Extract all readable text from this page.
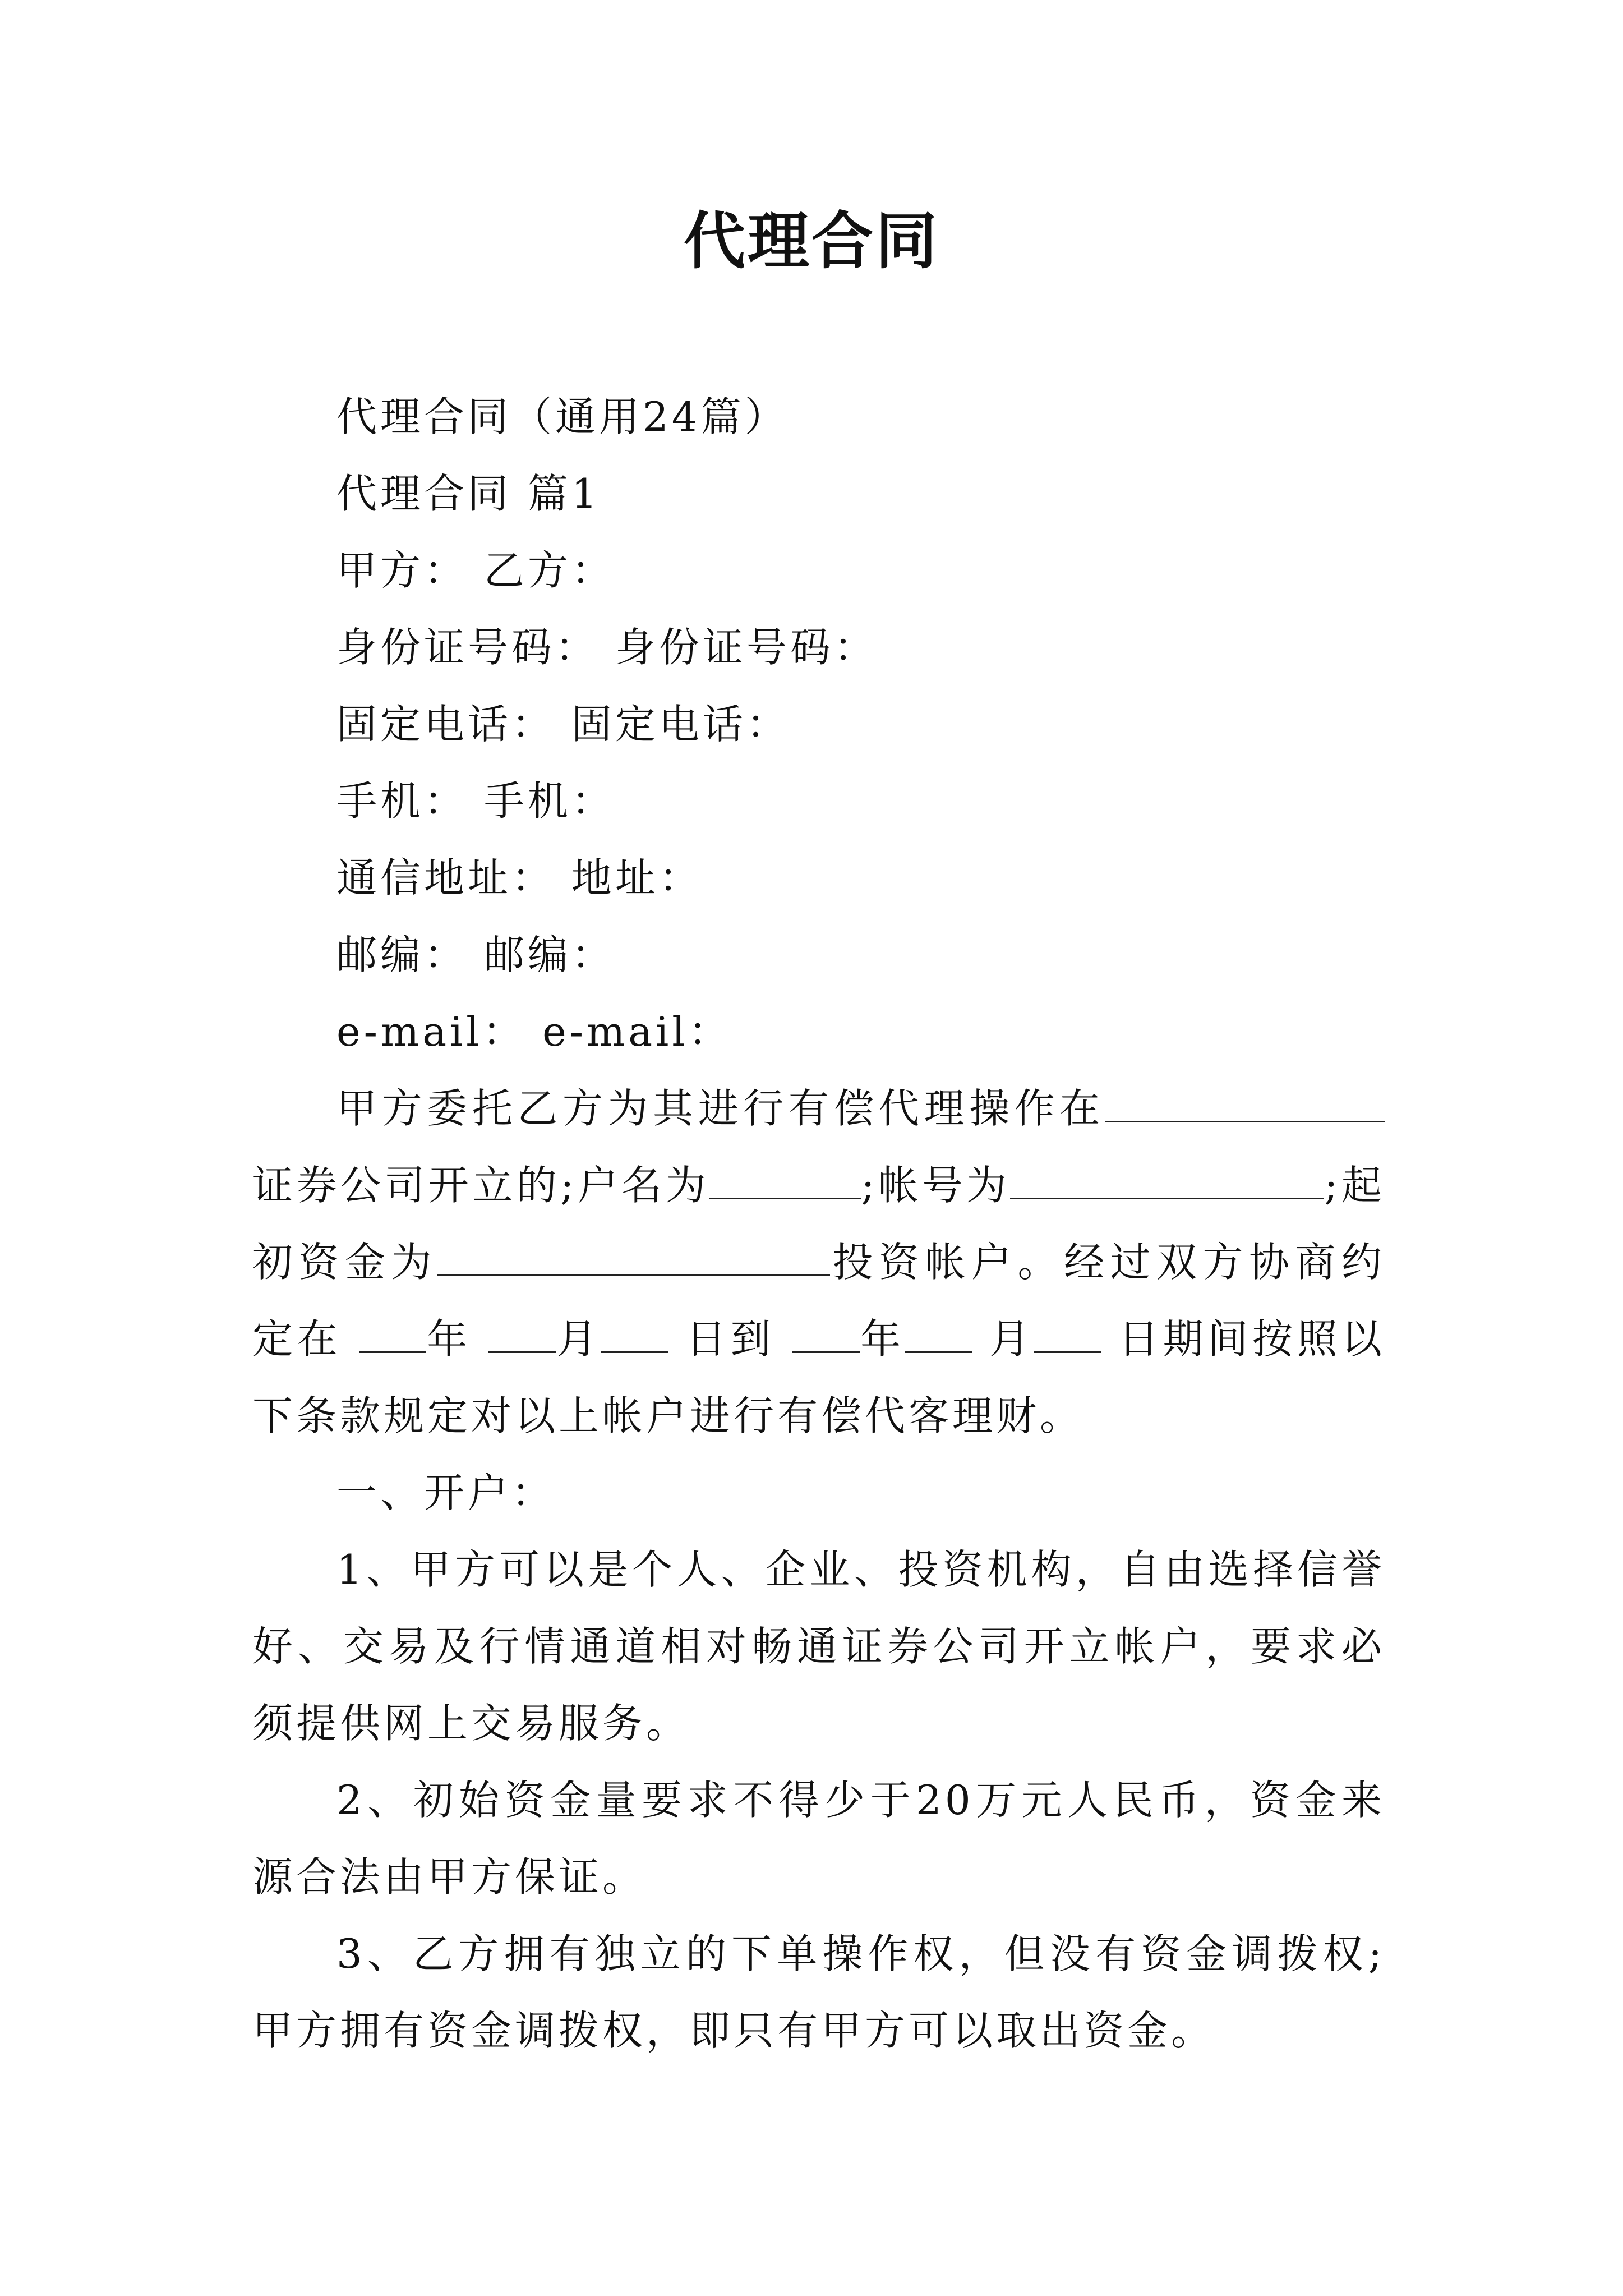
代理合同

代理合同（通用24篇）

代理合同 篇1

甲方： 乙方：

身份证号码： 身份证号码：

固定电话： 固定电话：

手机： 手机：

通信地址： 地址：

邮编： 邮编：

e-mail： e-mail：

甲方委托乙方为其进行有偿代理操作在证券公司开立的;户名为	;帐号为	;起初资金为	投资帐户。经过双方协商约定在 年 月 日到 年 月 日期间按照以下条款规定对以上帐户进行有偿代客理财。

一、开户：

1、甲方可以是个人、企业、投资机构，自由选择信誉好、交易及行情通道相对畅通证券公司开立帐户，要求必须提供网上交易服务。

2、初始资金量要求不得少于20万元人民币，资金来源合法由甲方保证。

3、乙方拥有独立的下单操作权，但没有资金调拨权;甲方拥有资金调拨权，即只有甲方可以取出资金。
